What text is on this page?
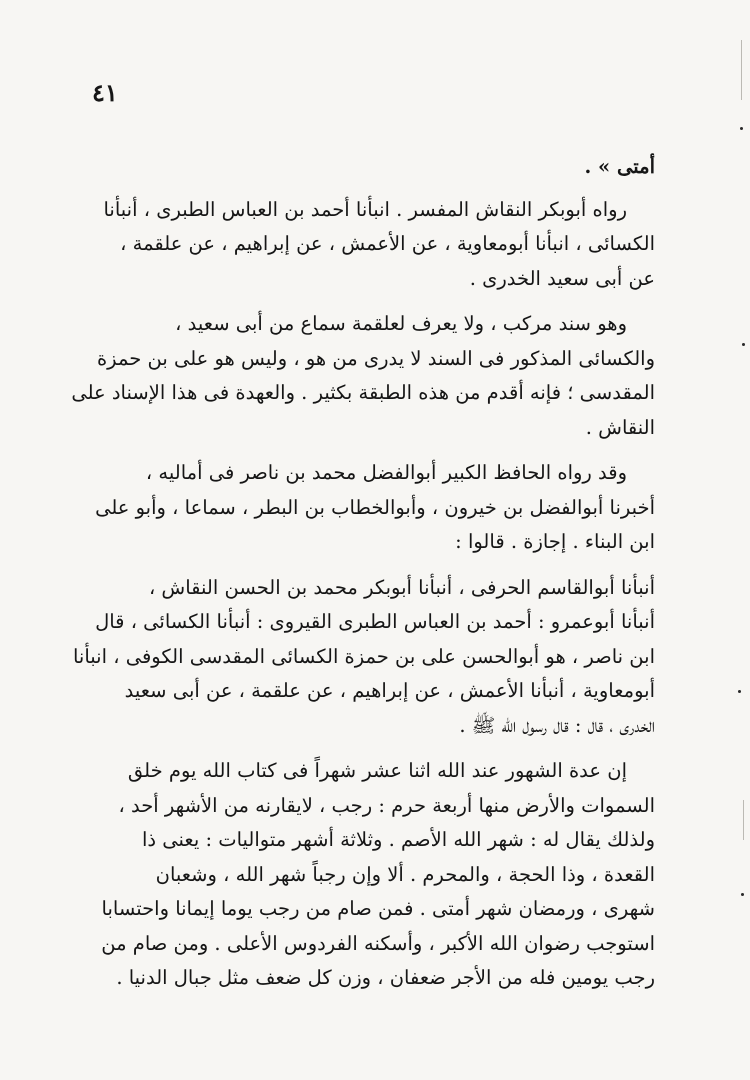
٤١
أمتى » .
رواه أبوبكر النقاش المفسر . انبأنا أحمد بن العباس الطبرى ، أنبأنا
الكسائى ، انبأنا أبومعاوية ، عن الأعمش ، عن إبراهيم ، عن علقمة ،
عن أبى سعيد الخدرى .
وهو سند مركب ، ولا يعرف لعلقمة سماع من أبى سعيد ،
والكسائى المذكور فى السند لا يدرى من هو ، وليس هو على بن حمزة
المقدسى ؛ فإنه أقدم من هذه الطبقة بكثير . والعهدة فى هذا الإسناد على
النقاش .
وقد رواه الحافظ الكبير أبوالفضل محمد بن ناصر فى أماليه ،
أخبرنا أبوالفضل بن خيرون ، وأبوالخطاب بن البطر ، سماعا ، وأبو على
ابن البناء . إجازة . قالوا :
أنبأنا أبوالقاسم الحرفى ، أنبأنا أبوبكر محمد بن الحسن النقاش ،
أنبأنا أبوعمرو : أحمد بن العباس الطبرى القيروى : أنبأنا الكسائى ، قال
ابن ناصر ، هو أبوالحسن على بن حمزة الكسائى المقدسى الكوفى ، انبأنا
أبومعاوية ، أنبأنا الأعمش ، عن إبراهيم ، عن علقمة ، عن أبى سعيد
الخدرى ، قال : قال رسول الله ﷺ .
إن عدة الشهور عند الله اثنا عشر شهراً فى كتاب الله يوم خلق
السموات والأرض منها أربعة حرم : رجب ، لايقارنه من الأشهر أحد ،
ولذلك يقال له : شهر الله الأصم . وثلاثة أشهر متواليات : يعنى ذا
القعدة ، وذا الحجة ، والمحرم . ألا وإن رجباً شهر الله ، وشعبان
شهرى ، ورمضان شهر أمتى . فمن صام من رجب يوما إيمانا واحتسابا
استوجب رضوان الله الأكبر ، وأسكنه الفردوس الأعلى . ومن صام من
رجب يومين فله من الأجر ضعفان ، وزن كل ضعف مثل جبال الدنيا .
